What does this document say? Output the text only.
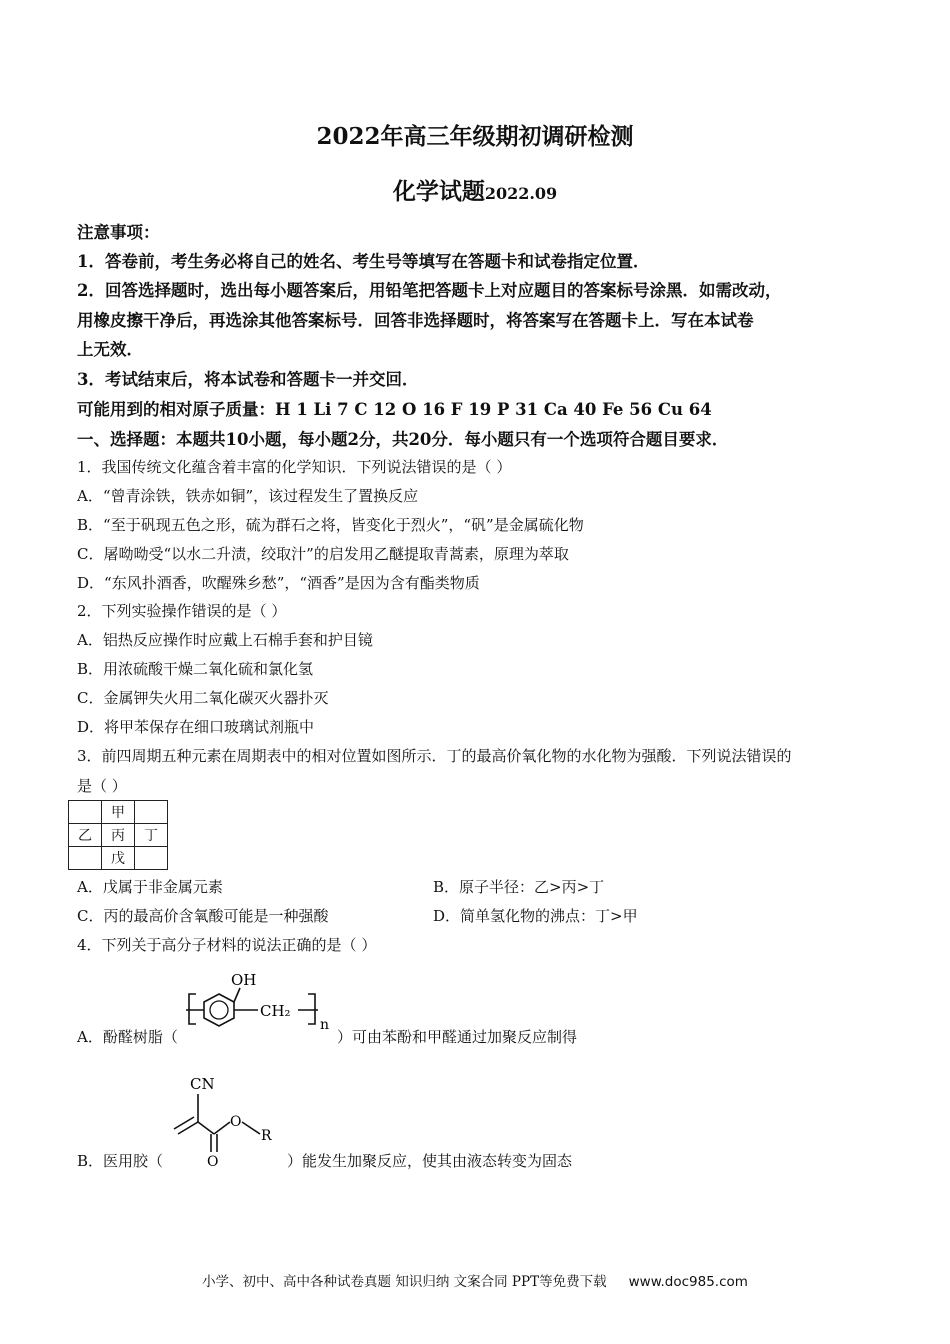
2022年高三年级期初调研检测
化学试题2022.09
注意事项：
1．答卷前，考生务必将自己的姓名、考生号等填写在答题卡和试卷指定位置．
2．回答选择题时，选出每小题答案后，用铅笔把答题卡上对应题目的答案标号涂黑．如需改动，
用橡皮擦干净后，再选涂其他答案标号．回答非选择题时，将答案写在答题卡上．写在本试卷
上无效．
3．考试结束后，将本试卷和答题卡一并交回．
可能用到的相对原子质量：H 1 Li 7 C 12 O 16 F 19 P 31 Ca 40 Fe 56 Cu 64
一、选择题：本题共10小题，每小题2分，共20分．每小题只有一个选项符合题目要求．
1．我国传统文化蕴含着丰富的化学知识．下列说法错误的是（ ）
A．“曾青涂铁，铁赤如铜”，该过程发生了置换反应
B．“至于矾现五色之形，硫为群石之将，皆变化于烈火”，“矾”是金属硫化物
C．屠呦呦受“以水二升渍，绞取汁”的启发用乙醚提取青蒿素，原理为萃取
D．“东风扑酒香，吹醒殊乡愁”，“酒香”是因为含有酯类物质
2．下列实验操作错误的是（ ）
A．铝热反应操作时应戴上石棉手套和护目镜
B．用浓硫酸干燥二氧化硫和氯化氢
C．金属钾失火用二氧化碳灭火器扑灭
D．将甲苯保存在细口玻璃试剂瓶中
3．前四周期五种元素在周期表中的相对位置如图所示．丁的最高价氧化物的水化物为强酸．下列说法错误的
是（ ）
	甲	
乙	丙	丁
	戊	
A．戊属于非金属元素	B．原子半径：乙>丙>丁
C．丙的最高价含氧酸可能是一种强酸	D．简单氢化物的沸点：丁>甲
4．下列关于高分子材料的说法正确的是（ ）
A．酚醛树脂（
OH
CH₂
n
）可由苯酚和甲醛通过加聚反应制得
B．医用胶（
CN
O
O
R
）能发生加聚反应，使其由液态转变为固态
小学、初中、高中各种试卷真题 知识归纳 文案合同 PPT等免费下载 www.doc985.com
